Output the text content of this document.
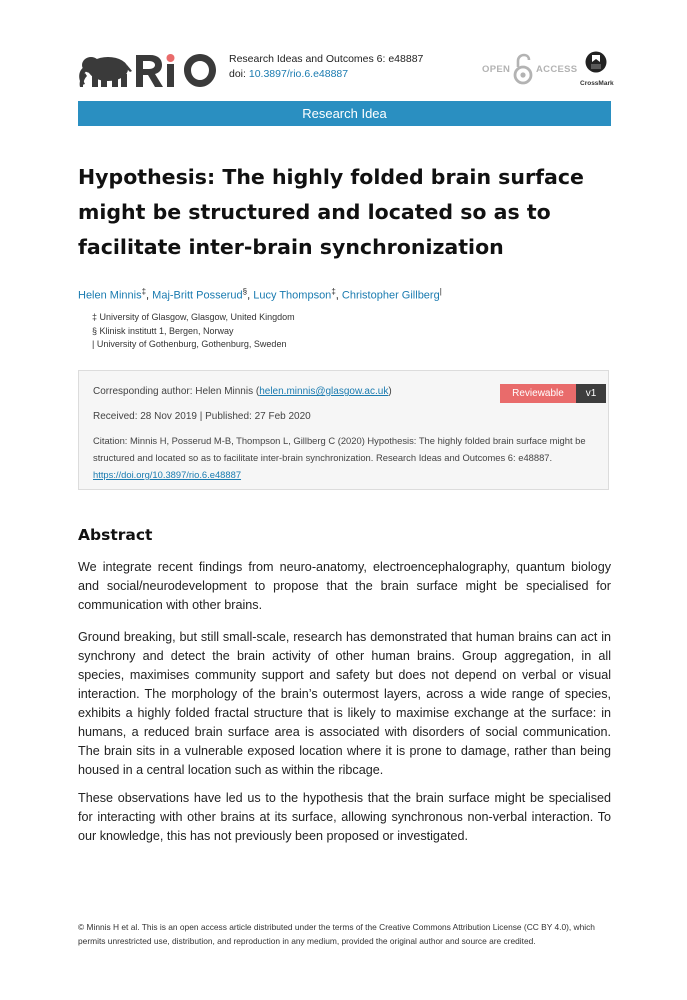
Research Ideas and Outcomes 6: e48887
doi: 10.3897/rio.6.e48887	OPEN	ACCESS
CrossMark
Research Idea
Hypothesis: The highly folded brain surface might be structured and located so as to facilitate inter-brain synchronization
Helen Minnis‡, Maj-Britt Posserud§, Lucy Thompson‡, Christopher Gillberg|
‡ University of Glasgow, Glasgow, United Kingdom
§ Klinisk institutt 1, Bergen, Norway
| University of Gothenburg, Gothenburg, Sweden
Corresponding author: Helen Minnis (helen.minnis@glasgow.ac.uk)	Reviewable	v1
Received: 28 Nov 2019 | Published: 27 Feb 2020
Citation: Minnis H, Posserud M-B, Thompson L, Gillberg C (2020) Hypothesis: The highly folded brain surface might be structured and located so as to facilitate inter-brain synchronization. Research Ideas and Outcomes 6: e48887. https://doi.org/10.3897/rio.6.e48887
Abstract

We integrate recent findings from neuro-anatomy, electroencephalography, quantum biology and social/neurodevelopment to propose that the brain surface might be specialised for communication with other brains.

Ground breaking, but still small-scale, research has demonstrated that human brains can act in synchrony and detect the brain activity of other human brains. Group aggregation, in all species, maximises community support and safety but does not depend on verbal or visual interaction. The morphology of the brain’s outermost layers, across a wide range of species, exhibits a highly folded fractal structure that is likely to maximise exchange at the surface: in humans, a reduced brain surface area is associated with disorders of social communication. The brain sits in a vulnerable exposed location where it is prone to damage, rather than being housed in a central location such as within the ribcage.

These observations have led us to the hypothesis that the brain surface might be specialised for interacting with other brains at its surface, allowing synchronous non-verbal interaction. To our knowledge, this has not previously been proposed or investigated.

© Minnis H et al. This is an open access article distributed under the terms of the Creative Commons Attribution License (CC BY 4.0), which permits unrestricted use, distribution, and reproduction in any medium, provided the original author and source are credited.
